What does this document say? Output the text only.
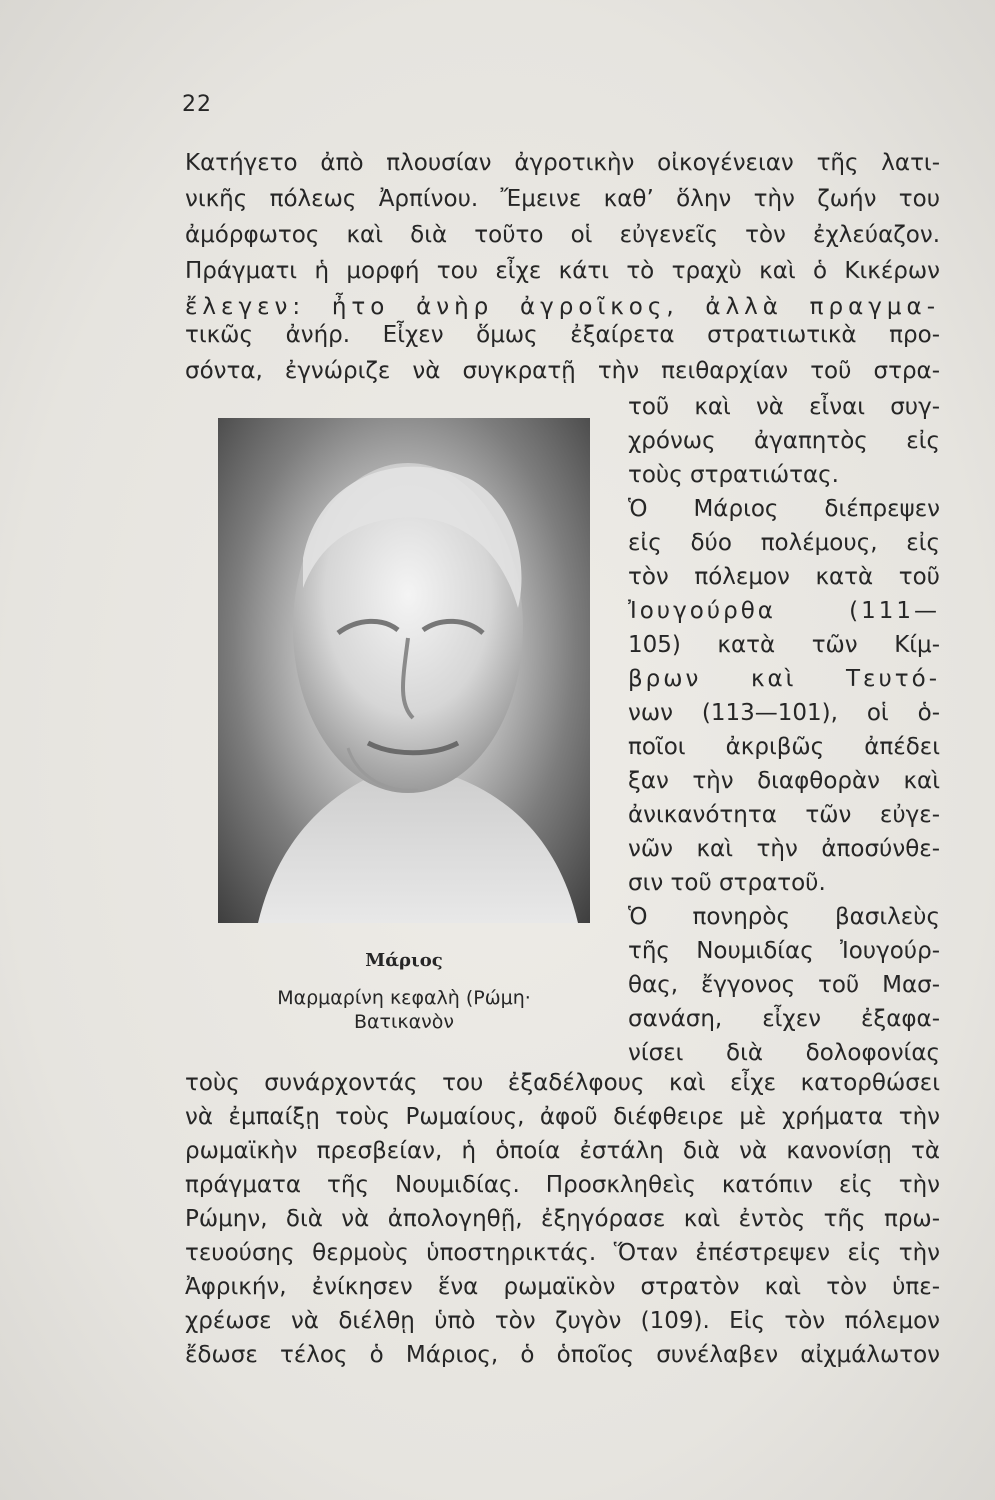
22
Κατήγετο ἀπὸ πλουσίαν ἀγροτικὴν οἰκογένειαν τῆς λατι-
νικῆς πόλεως Ἀρπίνου. Ἔμεινε καθ’ ὅλην τὴν ζωήν του
ἀμόρφωτος καὶ διὰ τοῦτο οἱ εὐγενεῖς τὸν ἐχλεύαζον.
Πράγματι ἡ μορφή του εἶχε κάτι τὸ τραχὺ καὶ ὁ Κικέρων
ἔλεγεν: ἦτο ἀνὴρ ἀγροῖκος, ἀλλὰ πραγμα-
τικῶς ἀνήρ. Εἶχεν ὅμως ἐξαίρετα στρατιωτικὰ προ-
σόντα, ἐγνώριζε νὰ συγκρατῇ τὴν πειθαρχίαν τοῦ στρα-
τοῦ καὶ νὰ εἶναι συγ-
χρόνως ἀγαπητὸς εἰς
τοὺς στρατιώτας.
Ὁ Μάριος διέπρεψεν
εἰς δύο πολέμους, εἰς
τὸν πόλεμον κατὰ τοῦ
Ἰουγούρθα (111—
105) κατὰ τῶν Κίμ-
βρων καὶ Τευτό-
νων (113—101), οἱ ὁ-
ποῖοι ἀκριβῶς ἀπέδει
ξαν τὴν διαφθορὰν καὶ
ἀνικανότητα τῶν εὐγε-
νῶν καὶ τὴν ἀποσύνθε-
σιν τοῦ στρατοῦ.
Ὁ πονηρὸς βασιλεὺς
τῆς Νουμιδίας Ἰουγούρ-
θας, ἔγγονος τοῦ Μασ-
σανάση, εἶχεν ἐξαφα-
νίσει διὰ δολοφονίας
Μάριος
Μαρμαρίνη κεφαλὴ (Ρώμη·
Βατικανὸν
τοὺς συνάρχοντάς του ἐξαδέλφους καὶ εἶχε κατορθώσει
νὰ ἐμπαίξῃ τοὺς Ρωμαίους, ἀφοῦ διέφθειρε μὲ χρήματα τὴν
ρωμαϊκὴν πρεσβείαν, ἡ ὁποία ἐστάλη διὰ νὰ κανονίσῃ τὰ
πράγματα τῆς Νουμιδίας. Προσκληθεὶς κατόπιν εἰς τὴν
Ρώμην, διὰ νὰ ἀπολογηθῇ, ἐξηγόρασε καὶ ἐντὸς τῆς πρω-
τευούσης θερμοὺς ὑποστηρικτάς. Ὅταν ἐπέστρεψεν εἰς τὴν
Ἀφρικήν, ἐνίκησεν ἕνα ρωμαϊκὸν στρατὸν καὶ τὸν ὑπε-
χρέωσε νὰ διέλθῃ ὑπὸ τὸν ζυγὸν (109). Εἰς τὸν πόλεμον
ἔδωσε τέλος ὁ Μάριος, ὁ ὁποῖος συνέλαβεν αἰχμάλωτον
